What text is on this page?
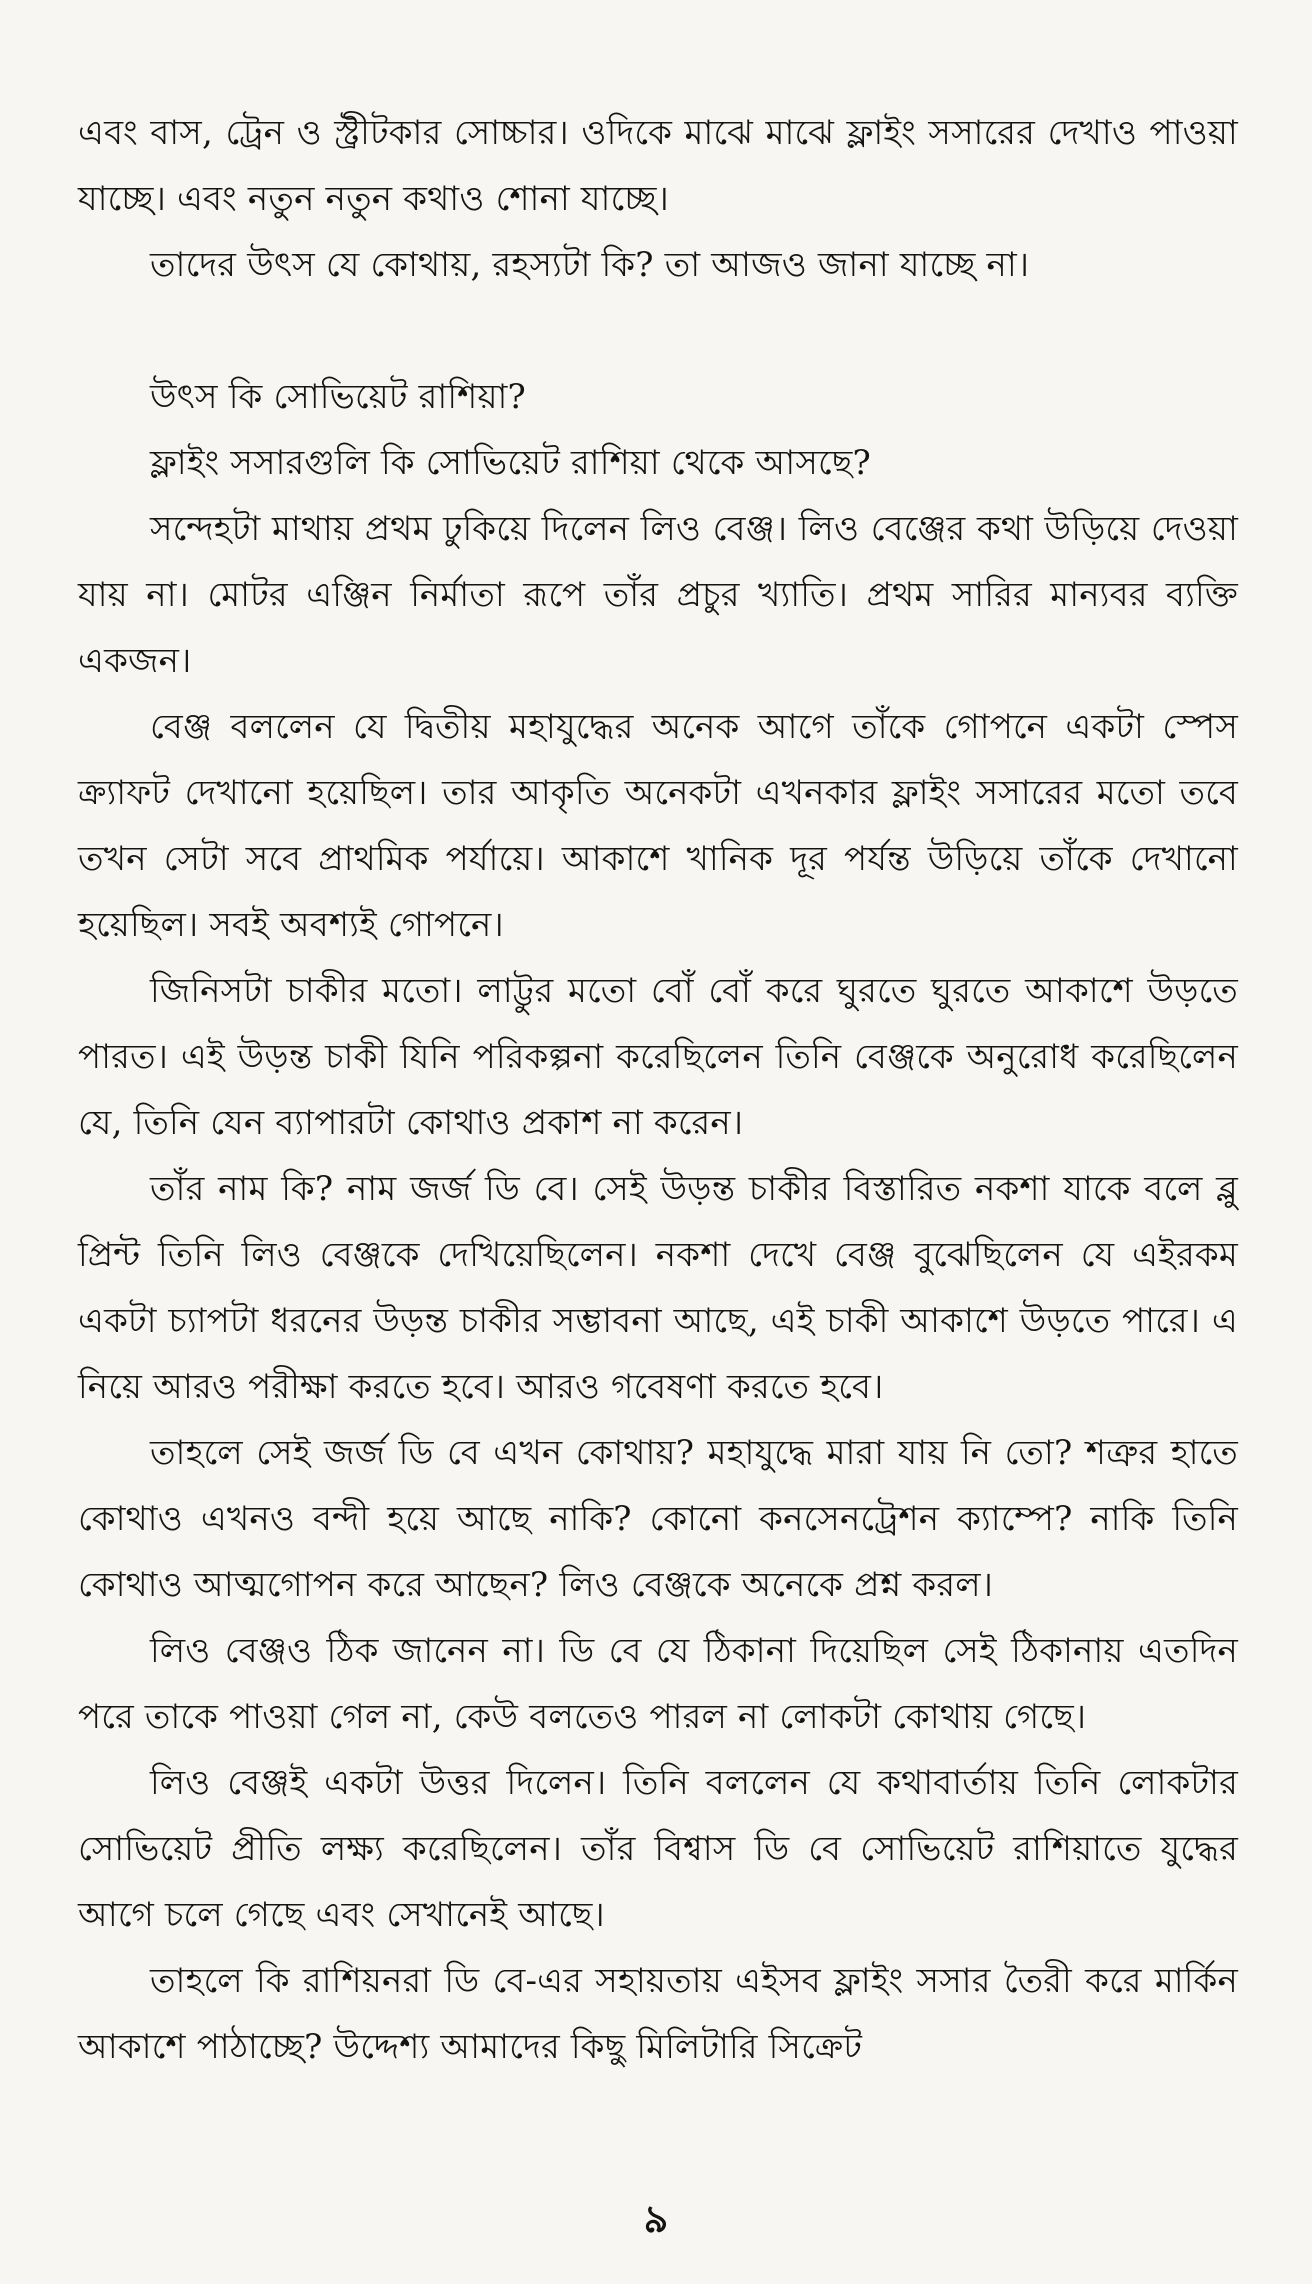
এবং বাস, ট্রেন ও স্ট্রীটকার সোচ্চার। ওদিকে মাঝে মাঝে ফ্লাইং সসারের দেখাও পাওয়া যাচ্ছে। এবং নতুন নতুন কথাও শোনা যাচ্ছে।

তাদের উৎস যে কোথায়, রহস্যটা কি? তা আজও জানা যাচ্ছে না।

উৎস কি সোভিয়েট রাশিয়া?

ফ্লাইং সসারগুলি কি সোভিয়েট রাশিয়া থেকে আসছে?

সন্দেহটা মাথায় প্রথম ঢুকিয়ে দিলেন লিও বেঞ্জ। লিও বেঞ্জের কথা উড়িয়ে দেওয়া যায় না। মোটর এঞ্জিন নির্মাতা রূপে তাঁর প্রচুর খ্যাতি। প্রথম সারির মান্যবর ব্যক্তি একজন।

বেঞ্জ বললেন যে দ্বিতীয় মহাযুদ্ধের অনেক আগে তাঁকে গোপনে একটা স্পেস ক্র্যাফট দেখানো হয়েছিল। তার আকৃতি অনেকটা এখনকার ফ্লাইং সসারের মতো তবে তখন সেটা সবে প্রাথমিক পর্যায়ে। আকাশে খানিক দূর পর্যন্ত উড়িয়ে তাঁকে দেখানো হয়েছিল। সবই অবশ্যই গোপনে।

জিনিসটা চাকীর মতো। লাট্টুর মতো বোঁ বোঁ করে ঘুরতে ঘুরতে আকাশে উড়তে পারত। এই উড়ন্ত চাকী যিনি পরিকল্পনা করেছিলেন তিনি বেঞ্জকে অনুরোধ করেছিলেন যে, তিনি যেন ব্যাপারটা কোথাও প্রকাশ না করেন।

তাঁর নাম কি? নাম জর্জ ডি বে। সেই উড়ন্ত চাকীর বিস্তারিত নকশা যাকে বলে ব্লু প্রিন্ট তিনি লিও বেঞ্জকে দেখিয়েছিলেন। নকশা দেখে বেঞ্জ বুঝেছিলেন যে এইরকম একটা চ্যাপটা ধরনের উড়ন্ত চাকীর সম্ভাবনা আছে, এই চাকী আকাশে উড়তে পারে। এ নিয়ে আরও পরীক্ষা করতে হবে। আরও গবেষণা করতে হবে।

তাহলে সেই জর্জ ডি বে এখন কোথায়? মহাযুদ্ধে মারা যায় নি তো? শত্রুর হাতে কোথাও এখনও বন্দী হয়ে আছে নাকি? কোনো কনসেনট্রেশন ক্যাম্পে? নাকি তিনি কোথাও আত্মগোপন করে আছেন? লিও বেঞ্জকে অনেকে প্রশ্ন করল।

লিও বেঞ্জও ঠিক জানেন না। ডি বে যে ঠিকানা দিয়েছিল সেই ঠিকানায় এতদিন পরে তাকে পাওয়া গেল না, কেউ বলতেও পারল না লোকটা কোথায় গেছে।

লিও বেঞ্জই একটা উত্তর দিলেন। তিনি বললেন যে কথাবার্তায় তিনি লোকটার সোভিয়েট প্রীতি লক্ষ্য করেছিলেন। তাঁর বিশ্বাস ডি বে সোভিয়েট রাশিয়াতে যুদ্ধের আগে চলে গেছে এবং সেখানেই আছে।

তাহলে কি রাশিয়নরা ডি বে-এর সহায়তায় এইসব ফ্লাইং সসার তৈরী করে মার্কিন আকাশে পাঠাচ্ছে? উদ্দেশ্য আমাদের কিছু মিলিটারি সিক্রেট

৯
